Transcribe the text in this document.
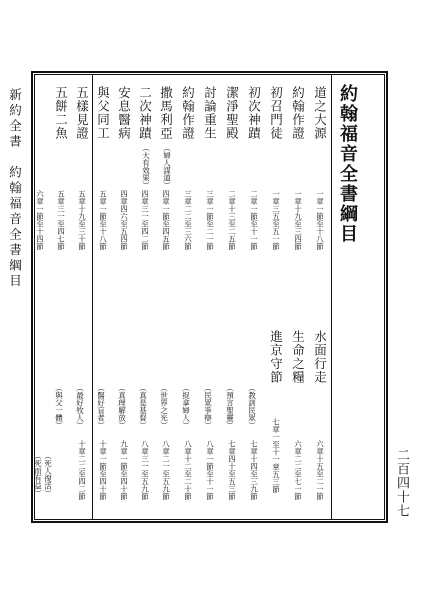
約翰福音全書綱目
道之大源
約翰作證
初召門徒
初次神蹟
潔淨聖殿
討論重生
約翰作證
撒馬利亞
二次神蹟
安息醫病
與父同工
五樣見證
五餅二魚
（婦人謀道）
（大有效果）
一章一節至十八節
一章十九至三四節
一章三五至五一節
二章一節至十一節
二章十三至二五節
三章一節至二一節
三章二二至三六節
四章一節至四五節
四章三一至四二節
四章四六至五四節
五章一節至十八節
五章十九至三十節
五章三一至四七節
六章一節至十四節
水面行走
生命之糧
進京守節
（教訓民眾）
（預言聖靈）
（民眾爭辯）
（捉拿婦人）
（世界之光）
（真是基督）
（真理解放）
（醫好盲者）
（最好牧人）
（與父一體）
（死人復活）
（死而有益）	六章十五至二一節
六章二二至七一節
七章一至十一章五三節
七章十四至三九節
七章四十至五三節
八章一節至十一節
八章十二至二十節
八章二一至五九節
八章三一至五九節
九章一節至四十節
十章一節至四十節
十章二二至四二節
新約全書　約翰福音全書綱目
二百四十七
